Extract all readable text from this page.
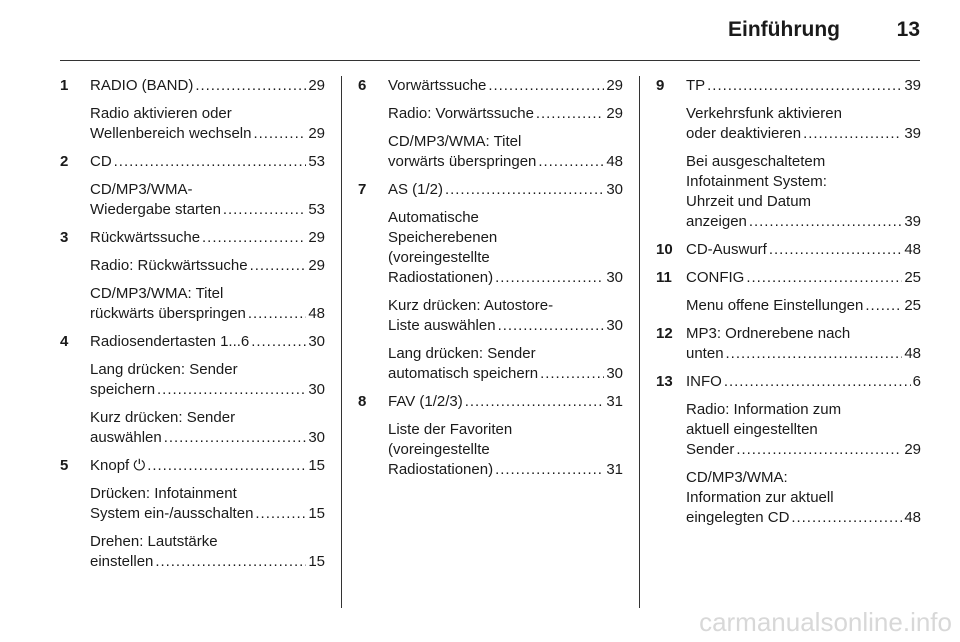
Einführung	13
1 RADIO (BAND) . . .	29
Radio aktivieren oder
Wellenbereich wechseln . . .	29
2 CD . . .	53
CD/MP3/WMA-
Wiedergabe starten . . .	53
3 Rückwärtssuche . . .	29
Radio: Rückwärtssuche . . .	29
CD/MP3/WMA: Titel
rückwärts überspringen . . .	48
4 Radiosendertasten 1...6 . . .	30
Lang drücken: Sender
speichern . . .	30
Kurz drücken: Sender
auswählen . . .	30
5 Knopf ⏻ . . .	15
Drücken: Infotainment
System ein-/ausschalten . . .	15
Drehen: Lautstärke
einstellen . . .	15
6 Vorwärtssuche . . .	29
Radio: Vorwärtssuche . . .	29
CD/MP3/WMA: Titel
vorwärts überspringen . . .	48
7 AS (1/2) . . .	30
Automatische
Speicherebenen
(voreingestellte
Radiostationen) . . .	30
Kurz drücken: Autostore-
Liste auswählen . . .	30
Lang drücken: Sender
automatisch speichern . . .	30
8 FAV (1/2/3) . . .	31
Liste der Favoriten
(voreingestellte
Radiostationen) . . .	31
9 TP . . .	39
Verkehrsfunk aktivieren
oder deaktivieren . . .	39
Bei ausgeschaltetem
Infotainment System:
Uhrzeit und Datum
anzeigen . . .	39
10 CD-Auswurf . . .	48
11 CONFIG . . .	25
Menu offene Einstellungen . . .	25
12 MP3: Ordnerebene nach
unten . . .	48
13 INFO . . .	6
Radio: Information zum
aktuell eingestellten
Sender . . .	29
CD/MP3/WMA:
Information zur aktuell
eingelegten CD . . .	48
carmanualsonline.info
